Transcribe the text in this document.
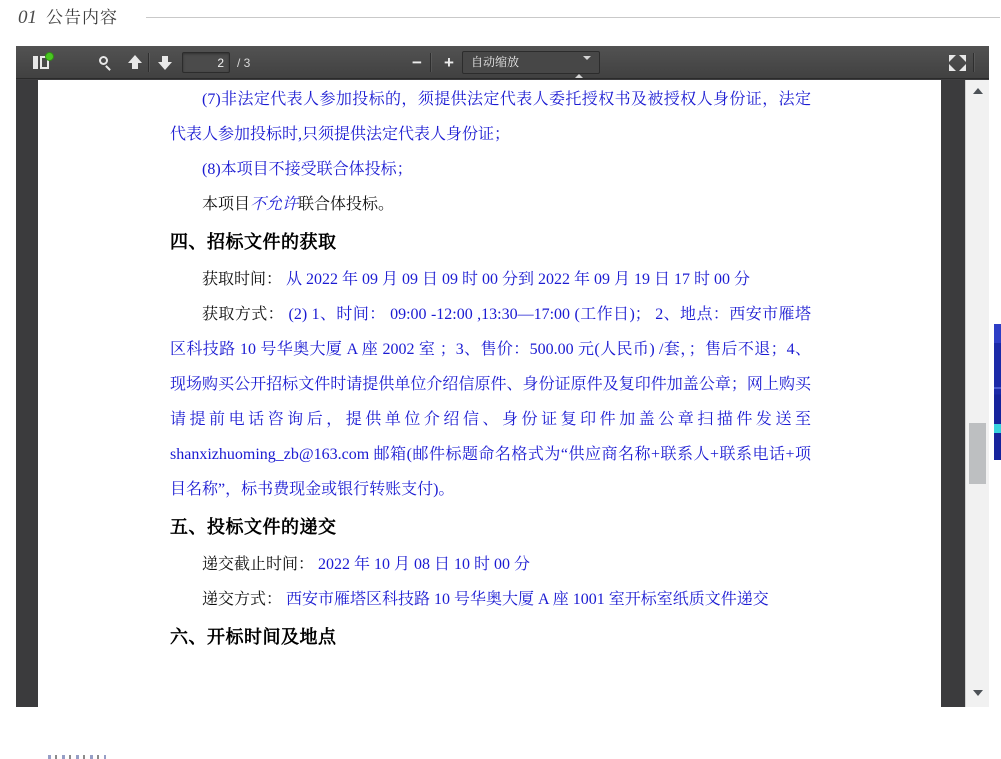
01 公告内容
2
/ 3	− +	自动缩放

(7)非法定代表人参加投标的，须提供法定代表人委托授权书及被授权人身份证，法定代表人参加投标时,只须提供法定代表人身份证；

(8)本项目不接受联合体投标；

本项目不允许联合体投标。

四、招标文件的获取

获取时间： 从 2022 年 09 月 09 日 09 时 00 分到 2022 年 09 月 19 日 17 时 00 分

获取方式： (2) 1、时间： 09:00 -12:00 ,13:30—17:00 (工作日)； 2、地点：西安市雁塔区科技路 10 号华奥大厦 A 座 2002 室 ；3、售价：500.00 元(人民币) /套，；售后不退；4、现场购买公开招标文件时请提供单位介绍信原件、身份证原件及复印件加盖公章；网上购买请提前电话咨询后，提供单位介绍信、身份证复印件加盖公章扫描件发送至 shanxizhuoming_zb@163.com 邮箱(邮件标题命名格式为“供应商名称+联系人+联系电话+项目名称”，标书费现金或银行转账支付)。

五、投标文件的递交

递交截止时间： 2022 年 10 月 08 日 10 时 00 分

递交方式： 西安市雁塔区科技路 10 号华奥大厦 A 座 1001 室开标室纸质文件递交

六、开标时间及地点
